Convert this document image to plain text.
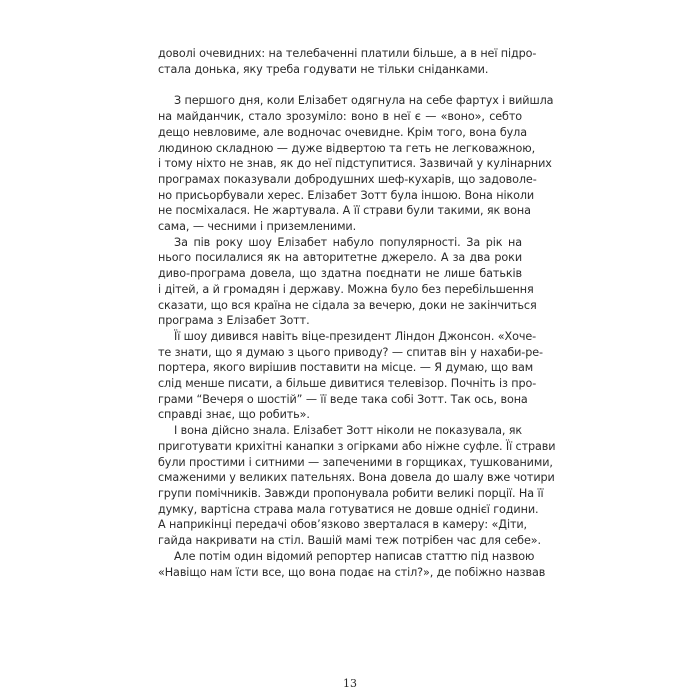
доволі очевидних: на телебаченні платили більше, а в неї підро-
стала донька, яку треба годувати не тільки сніданками.
З першого дня, коли Елізабет одягнула на себе фартух і вийшла
на майданчик, стало зрозуміло: воно в неї є — «воно», себто
дещо невловиме, але водночас очевидне. Крім того, вона була
людиною складною — дуже відвертою та геть не легковажною,
і тому ніхто не знав, як до неї підступитися. Зазвичай у кулінарних
програмах показували добродушних шеф-кухарів, що задоволе-
но присьорбували херес. Елізабет Зотт була іншою. Вона ніколи
не посміхалася. Не жартувала. А її страви були такими, як вона
сама, — чесними і приземленими.
За пів року шоу Елізабет набуло популярності. За рік на
нього посилалися як на авторитетне джерело. А за два роки
диво-програма довела, що здатна поєднати не лише батьків
і дітей, а й громадян і державу. Можна було без перебільшення
сказати, що вся країна не сідала за вечерю, доки не закінчиться
програма з Елізабет Зотт.
Її шоу дивився навіть віце-президент Ліндон Джонсон. «Хоче-
те знати, що я думаю з цього приводу? — спитав він у нахаби-ре-
портера, якого вирішив поставити на місце. — Я думаю, що вам
слід менше писати, а більше дивитися телевізор. Почніть із про-
грами “Вечеря о шостій” — її веде така собі Зотт. Так ось, вона
справді знає, що робить».
І вона дійсно знала. Елізабет Зотт ніколи не показувала, як
приготувати крихітні канапки з огірками або ніжне суфле. Її страви
були простими і ситними — запеченими в горщиках, тушкованими,
смаженими у великих пательнях. Вона довела до шалу вже чотири
групи помічників. Завжди пропонувала робити великі порції. На її
думку, вартісна страва мала готуватися не довше однієї години.
А наприкінці передачі обов’язково зверталася в камеру: «Діти,
гайда накривати на стіл. Вашій мамі теж потрібен час для себе».
Але потім один відомий репортер написав статтю під назвою
«Навіщо нам їсти все, що вона подає на стіл?», де побіжно назвав
13
